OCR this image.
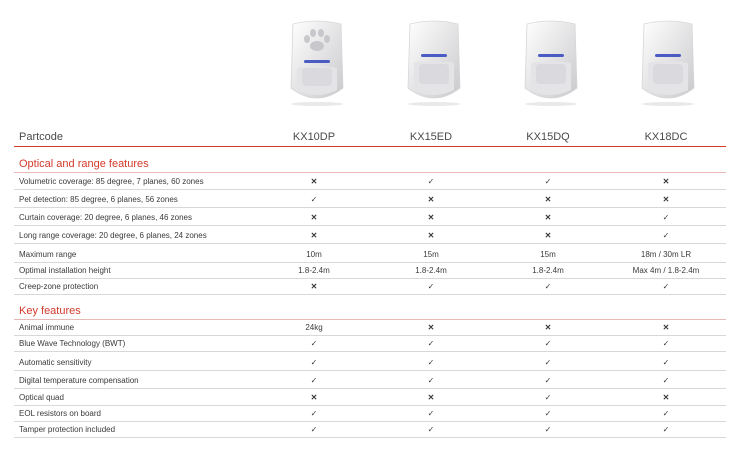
Partcode	KX10DP	KX15ED	KX15DQ	KX18DC
Optical and range features
Volumetric coverage: 85 degree, 7 planes, 60 zones	✕	✓	✓	✕
Pet detection: 85 degree, 6 planes, 56 zones	✓	✕	✕	✕
Curtain coverage: 20 degree, 6 planes, 46 zones	✕	✕	✕	✓
Long range coverage: 20 degree, 6 planes, 24 zones	✕	✕	✕	✓
Maximum range	10m	15m	15m	18m / 30m LR
Optimal installation height	1.8-2.4m	1.8-2.4m	1.8-2.4m	Max 4m / 1.8-2.4m
Creep-zone protection	✕	✓	✓	✓
Key features
Animal immune	24kg	✕	✕	✕
Blue Wave Technology (BWT)	✓	✓	✓	✓
Automatic sensitivity	✓	✓	✓	✓
Digital temperature compensation	✓	✓	✓	✓
Optical quad	✕	✕	✓	✕
EOL resistors on board	✓	✓	✓	✓
Tamper protection included	✓	✓	✓	✓
